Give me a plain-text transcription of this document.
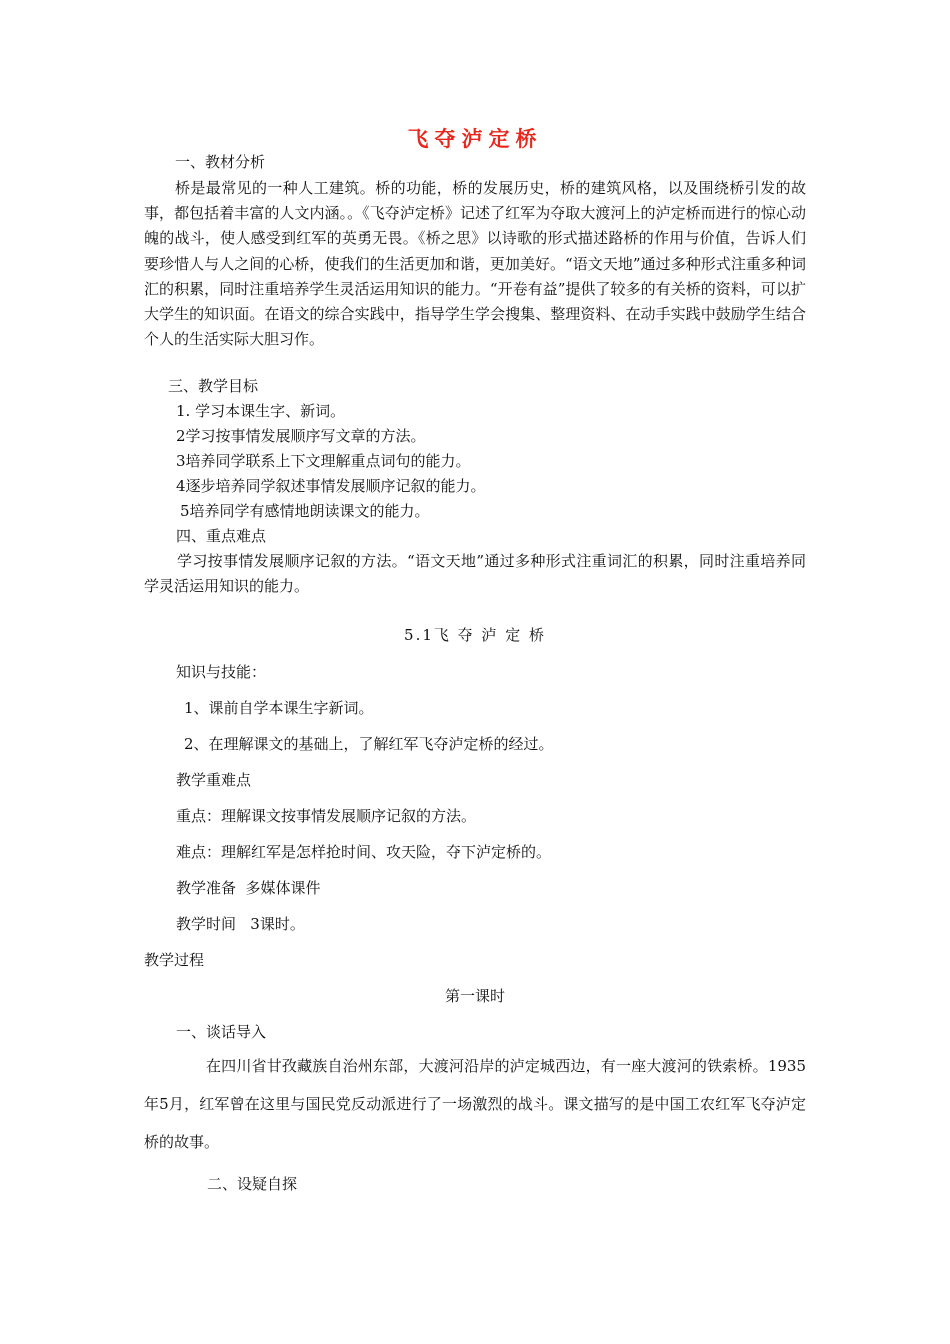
飞夺泸定桥
一、教材分析
桥是最常见的一种人工建筑。桥的功能，桥的发展历史，桥的建筑风格，以及围绕桥引发的故事，都包括着丰富的人文内涵。。《飞夺泸定桥》记述了红军为夺取大渡河上的泸定桥而进行的惊心动魄的战斗，使人感受到红军的英勇无畏。《桥之思》以诗歌的形式描述路桥的作用与价值，告诉人们要珍惜人与人之间的心桥，使我们的生活更加和谐，更加美好。“语文天地”通过多种形式注重多种词汇的积累，同时注重培养学生灵活运用知识的能力。“开卷有益”提供了较多的有关桥的资料，可以扩大学生的知识面。在语文的综合实践中，指导学生学会搜集、整理资料、在动手实践中鼓励学生结合个人的生活实际大胆习作。
三、教学目标
1. 学习本课生字、新词。
2学习按事情发展顺序写文章的方法。
3培养同学联系上下文理解重点词句的能力。
4逐步培养同学叙述事情发展顺序记叙的能力。
5培养同学有感情地朗读课文的能力。
四、重点难点
学习按事情发展顺序记叙的方法。“语文天地”通过多种形式注重词汇的积累，同时注重培养同学灵活运用知识的能力。
5.1飞 夺 泸 定 桥
知识与技能：
1、课前自学本课生字新词。
2、在理解课文的基础上，了解红军飞夺泸定桥的经过。
教学重难点
重点：理解课文按事情发展顺序记叙的方法。
难点：理解红军是怎样抢时间、攻天险，夺下泸定桥的。
教学准备  多媒体课件
教学时间   3课时。
教学过程
第一课时
一、谈话导入
在四川省甘孜藏族自治州东部，大渡河沿岸的泸定城西边，有一座大渡河的铁索桥。1935年5月，红军曾在这里与国民党反动派进行了一场激烈的战斗。课文描写的是中国工农红军飞夺泸定桥的故事。
二、设疑自探
